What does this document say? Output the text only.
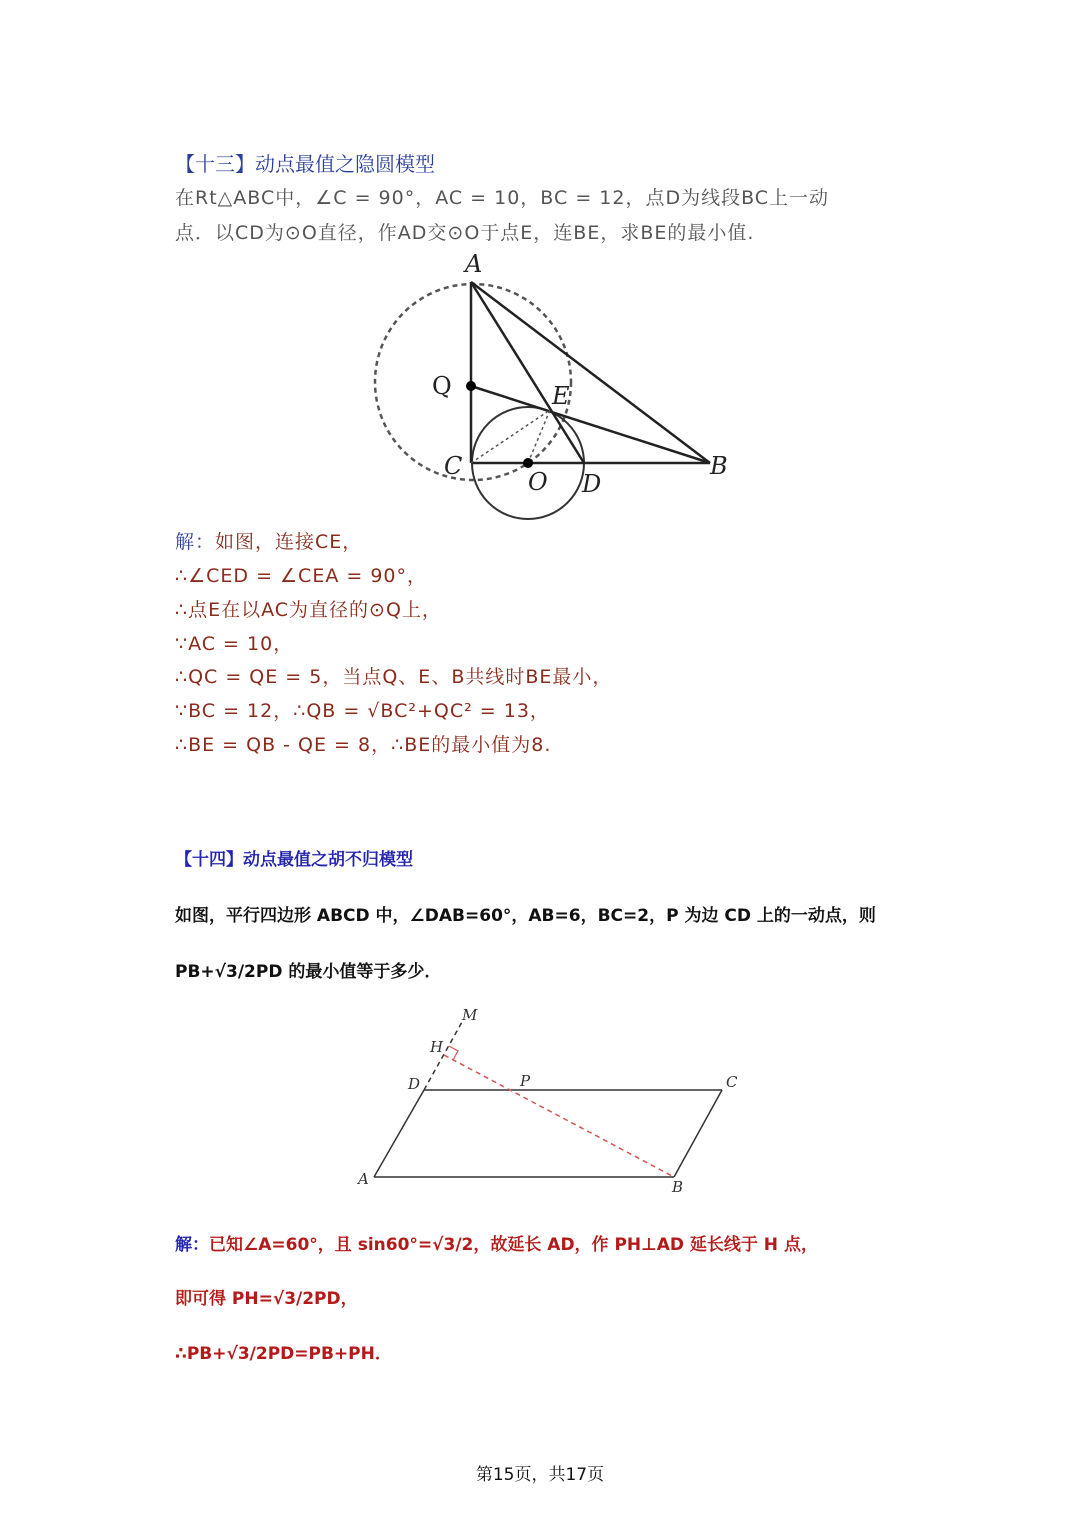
【十三】动点最值之隐圆模型
在Rt△ABC中，∠C = 90°，AC = 10，BC = 12，点D为线段BC上一动
点．以CD为⊙O直径，作AD交⊙O于点E，连BE，求BE的最小值.
A
Q	E
C
O D
B
解：如图，连接CE，
∴∠CED = ∠CEA = 90°，
∴点E在以AC为直径的⊙Q上，
∵AC = 10，
∴QC = QE = 5，当点Q、E、B共线时BE最小，
∵BC = 12，∴QB = √BC²+QC² = 13，
∴BE = QB - QE = 8，∴BE的最小值为8.
【十四】动点最值之胡不归模型
如图，平行四边形 ABCD 中，∠DAB=60°，AB=6，BC=2，P 为边 CD 上的一动点，则
PB+√3/2PD 的最小值等于多少．
M
H
D	P	C
A	B
解：已知∠A=60°，且 sin60°=√3/2，故延长 AD，作 PH⊥AD 延长线于 H 点，
即可得 PH=√3/2PD，
∴PB+√3/2PD=PB+PH．
第15页，共17页
